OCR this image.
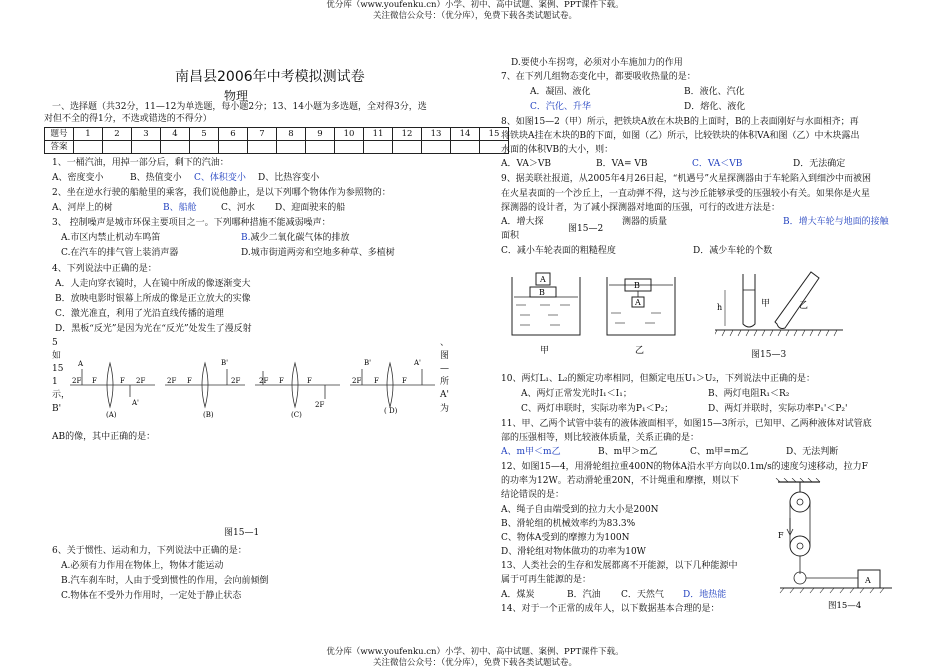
优分库（www.youfenku.cn）小学、初中、高中试题、案例、PPT课件下载。
关注微信公众号：（优分库），免费下载各类试题试卷。
优分库（www.youfenku.cn）小学、初中、高中试题、案例、PPT课件下载。
关注微信公众号：（优分库），免费下载各类试题试卷。
南昌县2006年中考模拟测试卷
物理
一、选择题（共32分，11—12为单选题，每小题2分；13、14小题为多选题，全对得3分，选
对但不全的得1分，不选或错选的不得分）
题号	1	2	3	4	5	6	7	8	9	10	11	12	13	14	15
答案															
1、一桶汽油，用掉一部分后，剩下的汽油：
A、密度变小	B、热值变小 C、体积变小 D、比热容变小
2、坐在逆水行驶的船舱里的乘客，我们说他静止，是以下列哪个物体作为参照物的：
A、河岸上的树	B、船舱	C、河水 D、迎面驶来的船
3、 控制噪声是城市环保主要项目之一。下列哪种措施不能减弱噪声：
A.市区内禁止机动车鸣笛	B.减少二氧化碳气体的排放
C.在汽车的排气管上装消声器	D.城市街道两旁和空地多种草、多植树
4、下列说法中正确的是：
A．人走向穿衣镜时，人在镜中所成的像逐渐变大
B．放映电影时银幕上所成的像是正立放大的实像
C．激光准直，利用了光沿直线传播的道理
D．黑板“反光”是因为光在“反光”处发生了漫反射
5
如
15
1
示，
B'
、
图
—
所
A'
为
AB的像，其中正确的是：
A
2F F	F 2F
A'
(A)
2F F
B'
2F
(B)
2F F	F
2F
(C)
B'	A'
2F F	F
( D)
图15—1
6、关于惯性、运动和力，下列说法中正确的是：
A.必须有力作用在物体上，物体才能运动
B.汽车刹车时，人由于受到惯性的作用，会向前倾倒
C.物体在不受外力作用时，一定处于静止状态
D.要使小车拐弯，必须对小车施加力的作用
7、在下列几组物态变化中，都要吸收热量的是：
A．凝固、液化	B．液化、汽化
C．汽化、升华	D．熔化、液化
8、如图15—2（甲）所示，把铁块A放在木块B的上面时，B的上表面刚好与水面相齐；再
将铁块A挂在木块的B的下面，如图（乙）所示，比较铁块的体积VA和图（乙）中木块露出
水面的体积VB的大小，则：
A．VA＞VB	B．VA= VB	C．VA＜VB	D．无法确定
9、据美联社报道，从2005年4月26日起，“机遇号”火星探测器由于车轮陷入到细沙中而被困
在火星表面的一个沙丘上，一直动弹不得，这与沙丘能够承受的压强较小有关。如果你是火星
探测器的设计者，为了减小探测器对地面的压强，可行的改进方法是：
A．增大探	测器的质量	B．增大车轮与地面的接触
面积
图15—2
C．减小车轮表面的粗糙程度	D．减少车轮的个数
A
B
甲
B
A
乙
h	甲	乙
图15—3
10、两灯L₁、L₂的额定功率相同，但额定电压U₁＞U₂，下列说法中正确的是：
A、两灯正常发光时I₁＜I₁；	B、两灯电阻R₁＜R₂
C、两灯串联时，实际功率为P₁＜P₂；	D、两灯并联时，实际功率P₁'＜P₂'
11、甲、乙两个试管中装有的液体液面相平，如图15—3所示，已知甲、乙两种液体对试管底
部的压强相等，则比较液体质量，关系正确的是：
A、m甲＜m乙	B、m甲＞m乙	C、m甲=m乙	D、无法判断
12、如图15—4，用滑轮组拉重400N的物体A沿水平方向以0.1m/s的速度匀速移动，拉力F
的功率为12W。若动滑轮重20N，不计绳重和摩擦，则以下
结论错误的是：
A、绳子自由端受到的拉力大小是200N
B、滑轮组的机械效率约为83.3%
C、物体A受到的摩擦力为100N
D、滑轮组对物体做功的功率为10W
13、人类社会的生存和发展都离不开能源，以下几种能源中
属于可再生能源的是：
A．煤炭	B．汽油 C．天然气 D．地热能
14、对于一个正常的成年人，以下数据基本合理的是：
F
A
图15—4
